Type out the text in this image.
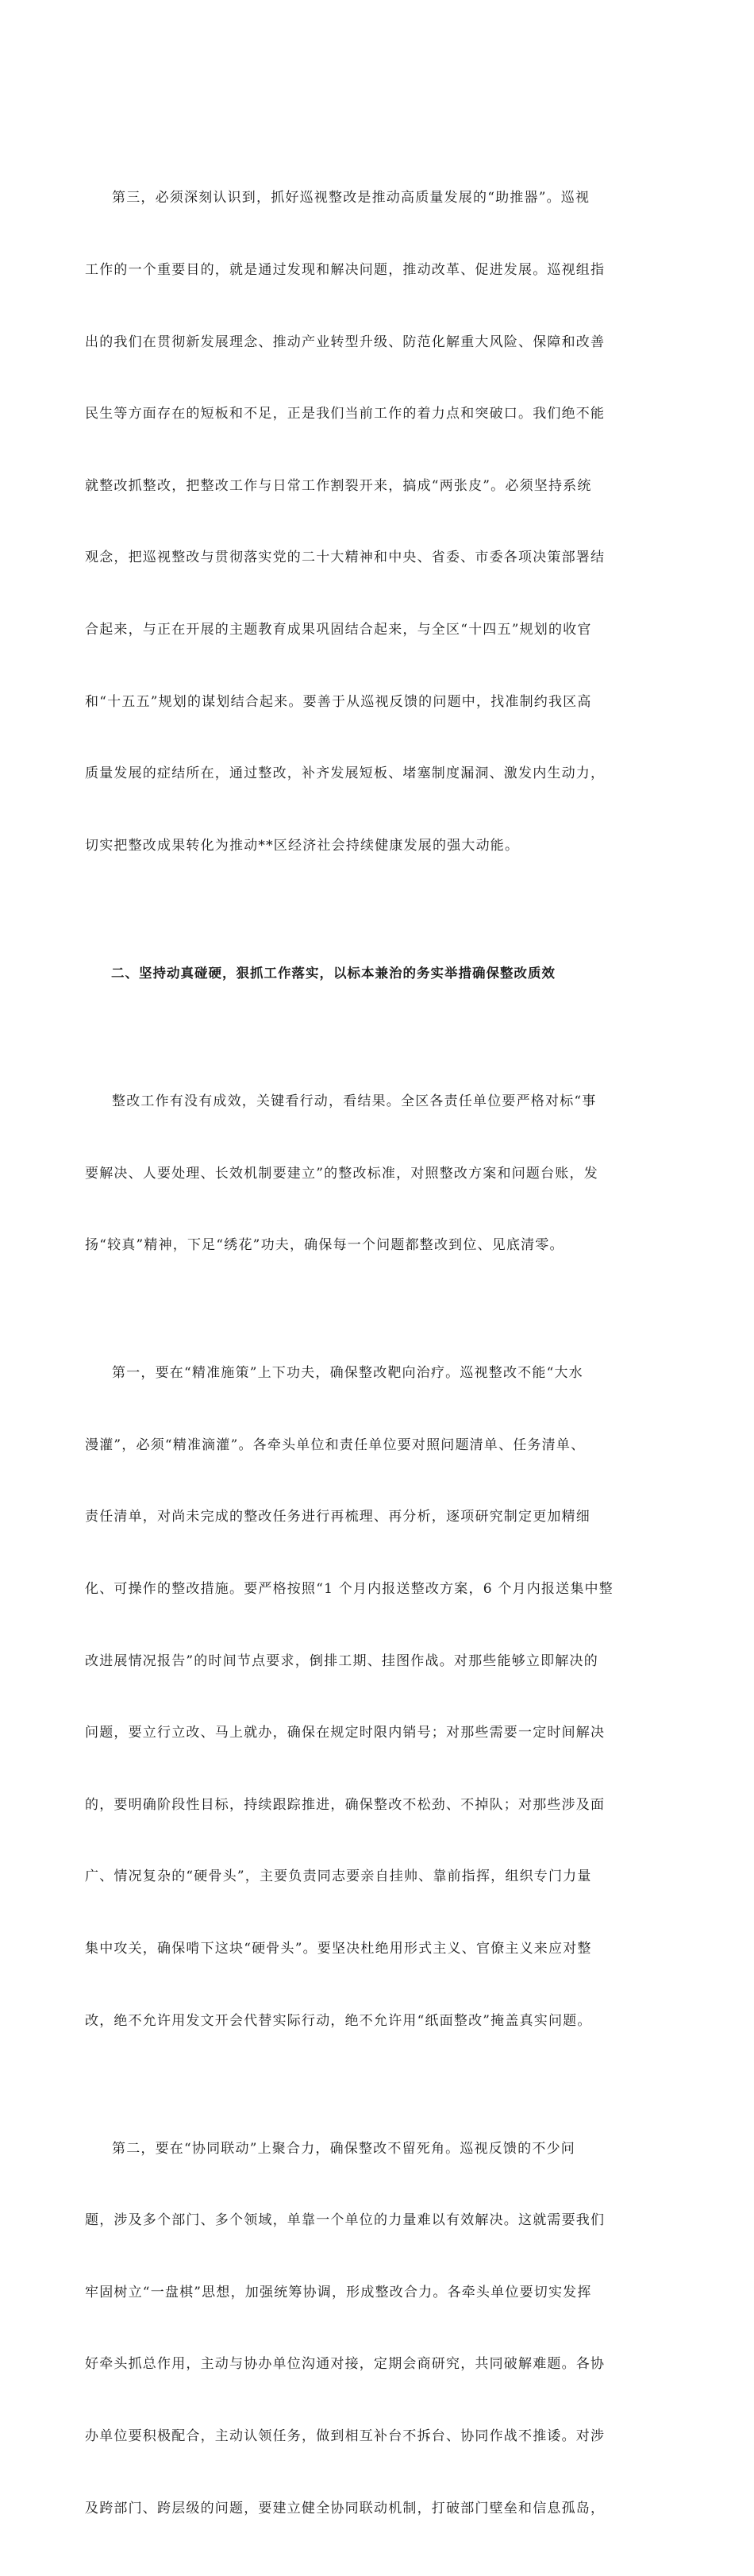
第三，必须深刻认识到，抓好巡视整改是推动高质量发展的“助推器”。巡视

工作的一个重要目的，就是通过发现和解决问题，推动改革、促进发展。巡视组指

出的我们在贯彻新发展理念、推动产业转型升级、防范化解重大风险、保障和改善

民生等方面存在的短板和不足，正是我们当前工作的着力点和突破口。我们绝不能

就整改抓整改，把整改工作与日常工作割裂开来，搞成“两张皮”。必须坚持系统

观念，把巡视整改与贯彻落实党的二十大精神和中央、省委、市委各项决策部署结

合起来，与正在开展的主题教育成果巩固结合起来，与全区“十四五”规划的收官

和“十五五”规划的谋划结合起来。要善于从巡视反馈的问题中，找准制约我区高

质量发展的症结所在，通过整改，补齐发展短板、堵塞制度漏洞、激发内生动力，

切实把整改成果转化为推动**区经济社会持续健康发展的强大动能。

二、坚持动真碰硬，狠抓工作落实，以标本兼治的务实举措确保整改质效

整改工作有没有成效，关键看行动，看结果。全区各责任单位要严格对标“事

要解决、人要处理、长效机制要建立”的整改标准，对照整改方案和问题台账，发

扬“较真”精神，下足“绣花”功夫，确保每一个问题都整改到位、见底清零。

第一，要在“精准施策”上下功夫，确保整改靶向治疗。巡视整改不能“大水

漫灌”，必须“精准滴灌”。各牵头单位和责任单位要对照问题清单、任务清单、

责任清单，对尚未完成的整改任务进行再梳理、再分析，逐项研究制定更加精细

化、可操作的整改措施。要严格按照“1 个月内报送整改方案，6 个月内报送集中整

改进展情况报告”的时间节点要求，倒排工期、挂图作战。对那些能够立即解决的

问题，要立行立改、马上就办，确保在规定时限内销号；对那些需要一定时间解决

的，要明确阶段性目标，持续跟踪推进，确保整改不松劲、不掉队；对那些涉及面

广、情况复杂的“硬骨头”，主要负责同志要亲自挂帅、靠前指挥，组织专门力量

集中攻关，确保啃下这块“硬骨头”。要坚决杜绝用形式主义、官僚主义来应对整

改，绝不允许用发文开会代替实际行动，绝不允许用“纸面整改”掩盖真实问题。

第二，要在“协同联动”上聚合力，确保整改不留死角。巡视反馈的不少问

题，涉及多个部门、多个领域，单靠一个单位的力量难以有效解决。这就需要我们

牢固树立“一盘棋”思想，加强统筹协调，形成整改合力。各牵头单位要切实发挥

好牵头抓总作用，主动与协办单位沟通对接，定期会商研究，共同破解难题。各协

办单位要积极配合，主动认领任务，做到相互补台不拆台、协同作战不推诿。对涉

及跨部门、跨层级的问题，要建立健全协同联动机制，打破部门壁垒和信息孤岛，
